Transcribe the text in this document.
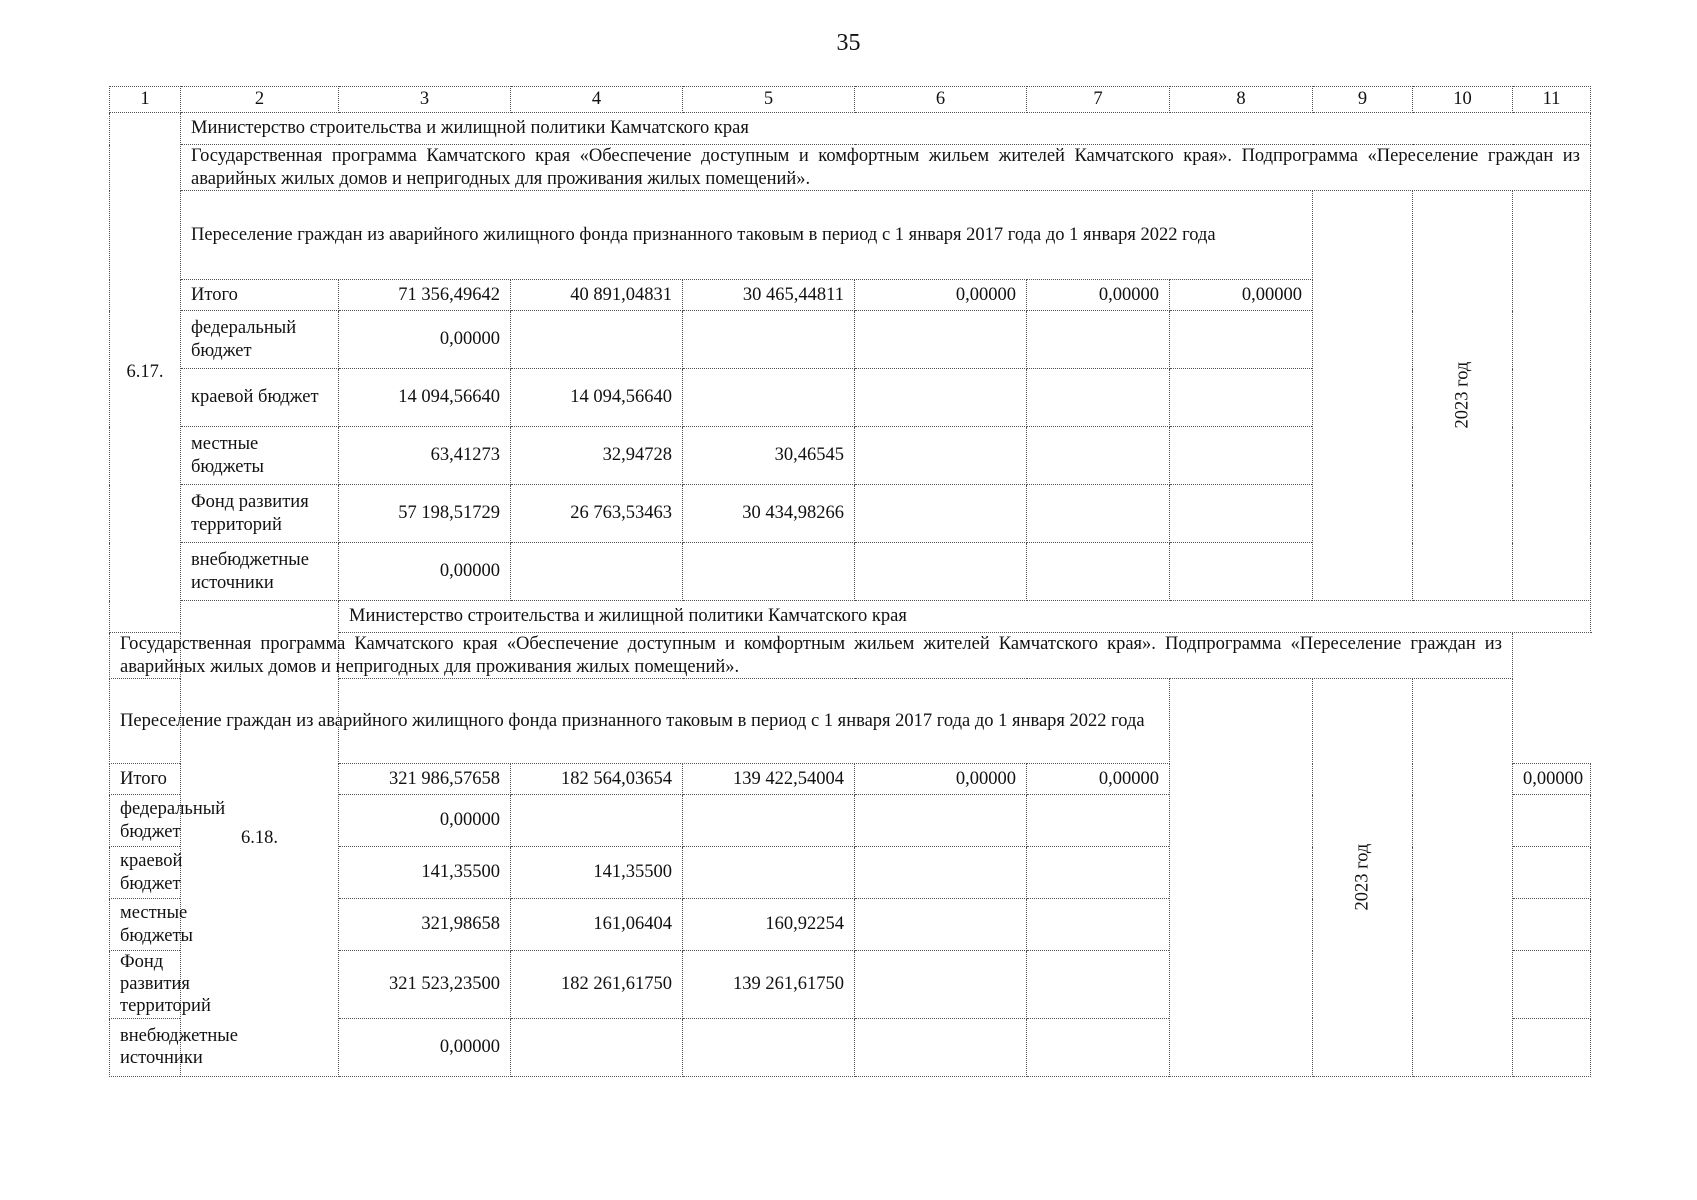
35
1	2	3	4	5	6	7	8	9	10	11
6.17.	Министерство строительства и жилищной политики Камчатского края									
	Государственная программа Камчатского края «Обеспечение доступным и комфортным жильем жителей Камчатского края». Подпрограмма «Переселение граждан из аварийных жилых домов и непригодных для проживания жилых помещений».									
	Переселение граждан из аварийного жилищного фонда признанного таковым в период с 1 января 2017 года до 1 января 2022 года								2023 год	
	Итого	71 356,49642	40 891,04831	30 465,44811	0,00000	0,00000	0,00000			
	федеральный бюджет	0,00000								
	краевой бюджет	14 094,56640	14 094,56640							
	местные бюджеты	63,41273	32,94728	30,46545						
	Фонд развития территорий	57 198,51729	26 763,53463	30 434,98266						
	внебюджетные источники	0,00000								
	6.18.	Министерство строительства и жилищной политики Камчатского края								
Государственная программа Камчатского края «Обеспечение доступным и комфортным жильем жителей Камчатского края». Подпрограмма «Переселение граждан из аварийных жилых домов и непригодных для проживания жилых помещений».										
Переселение граждан из аварийного жилищного фонда признанного таковым в период с 1 января 2017 года до 1 января 2022 года								2023 год		
Итого		321 986,57658	182 564,03654	139 422,54004	0,00000	0,00000				0,00000
федеральный бюджет		0,00000								
краевой бюджет		141,35500	141,35500							
местные бюджеты		321,98658	161,06404	160,92254						
Фонд развития территорий		321 523,23500	182 261,61750	139 261,61750						
внебюджетные источники		0,00000								
